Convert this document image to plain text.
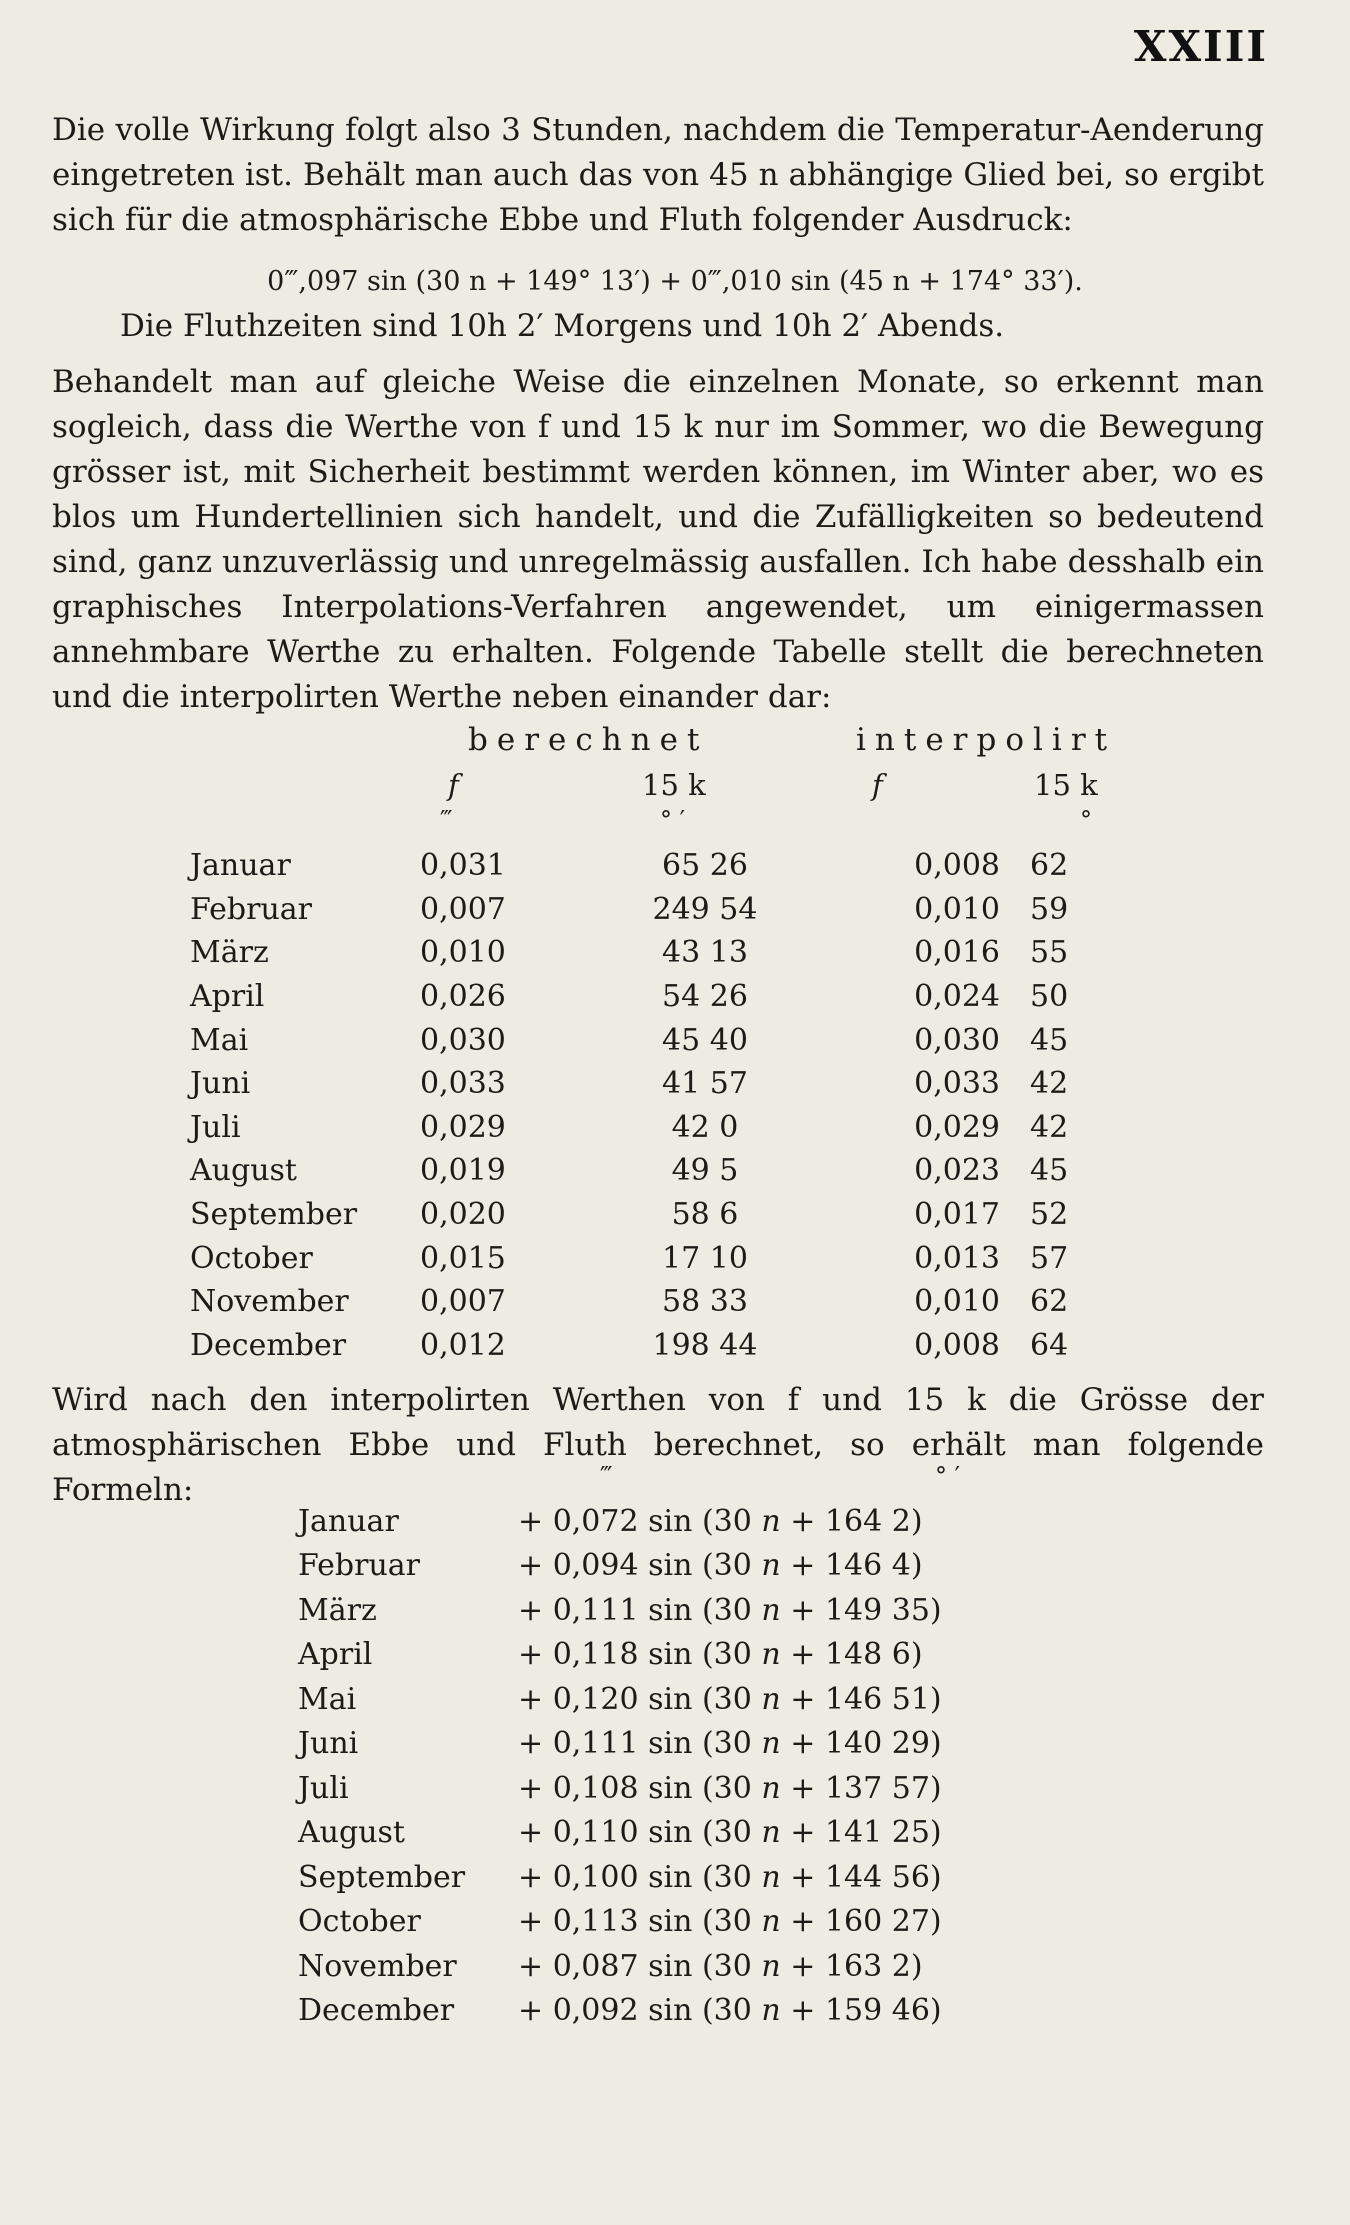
XXIII
Die volle Wirkung folgt also 3 Stunden, nachdem die Temperatur-Aenderung eingetreten ist. Behält man auch das von 45 n abhängige Glied bei, so ergibt sich für die atmosphärische Ebbe und Fluth folgender Ausdruck:
0‴,097 sin (30 n + 149° 13′) + 0‴,010 sin (45 n + 174° 33′).
Die Fluthzeiten sind 10h 2′ Morgens und 10h 2′ Abends.
Behandelt man auf gleiche Weise die einzelnen Monate, so erkennt man sogleich, dass die Werthe von f und 15 k nur im Sommer, wo die Bewegung grösser ist, mit Sicherheit bestimmt werden können, im Winter aber, wo es blos um Hundertellinien sich handelt, und die Zufälligkeiten so bedeutend sind, ganz unzuverlässig und unregelmässig ausfallen. Ich habe desshalb ein graphisches Interpolations-Verfahren angewendet, um einigermassen annehmbare Werthe zu erhalten. Folgende Tabelle stellt die berechneten und die interpolirten Werthe neben einander dar:
berechnet	interpolirt
f	15 k	f	15 k
‴	° ′	°
Januar	0,031	65 26	0,008	62
Februar	0,007	249 54	0,010	59
März	0,010	43 13	0,016	55
April	0,026	54 26	0,024	50
Mai	0,030	45 40	0,030	45
Juni	0,033	41 57	0,033	42
Juli	0,029	42 0	0,029	42
August	0,019	49 5	0,023	45
September	0,020	58 6	0,017	52
October	0,015	17 10	0,013	57
November	0,007	58 33	0,010	62
December	0,012	198 44	0,008	64
Wird nach den interpolirten Werthen von f und 15 k die Grösse der atmosphärischen Ebbe und Fluth berechnet, so erhält man folgende Formeln:	‴	° ′
Januar	+ 0,072 sin (30 n + 164 2)
Februar	+ 0,094 sin (30 n + 146 4)
März	+ 0,111 sin (30 n + 149 35)
April	+ 0,118 sin (30 n + 148 6)
Mai	+ 0,120 sin (30 n + 146 51)
Juni	+ 0,111 sin (30 n + 140 29)
Juli	+ 0,108 sin (30 n + 137 57)
August	+ 0,110 sin (30 n + 141 25)
September	+ 0,100 sin (30 n + 144 56)
October	+ 0,113 sin (30 n + 160 27)
November	+ 0,087 sin (30 n + 163 2)
December	+ 0,092 sin (30 n + 159 46)
